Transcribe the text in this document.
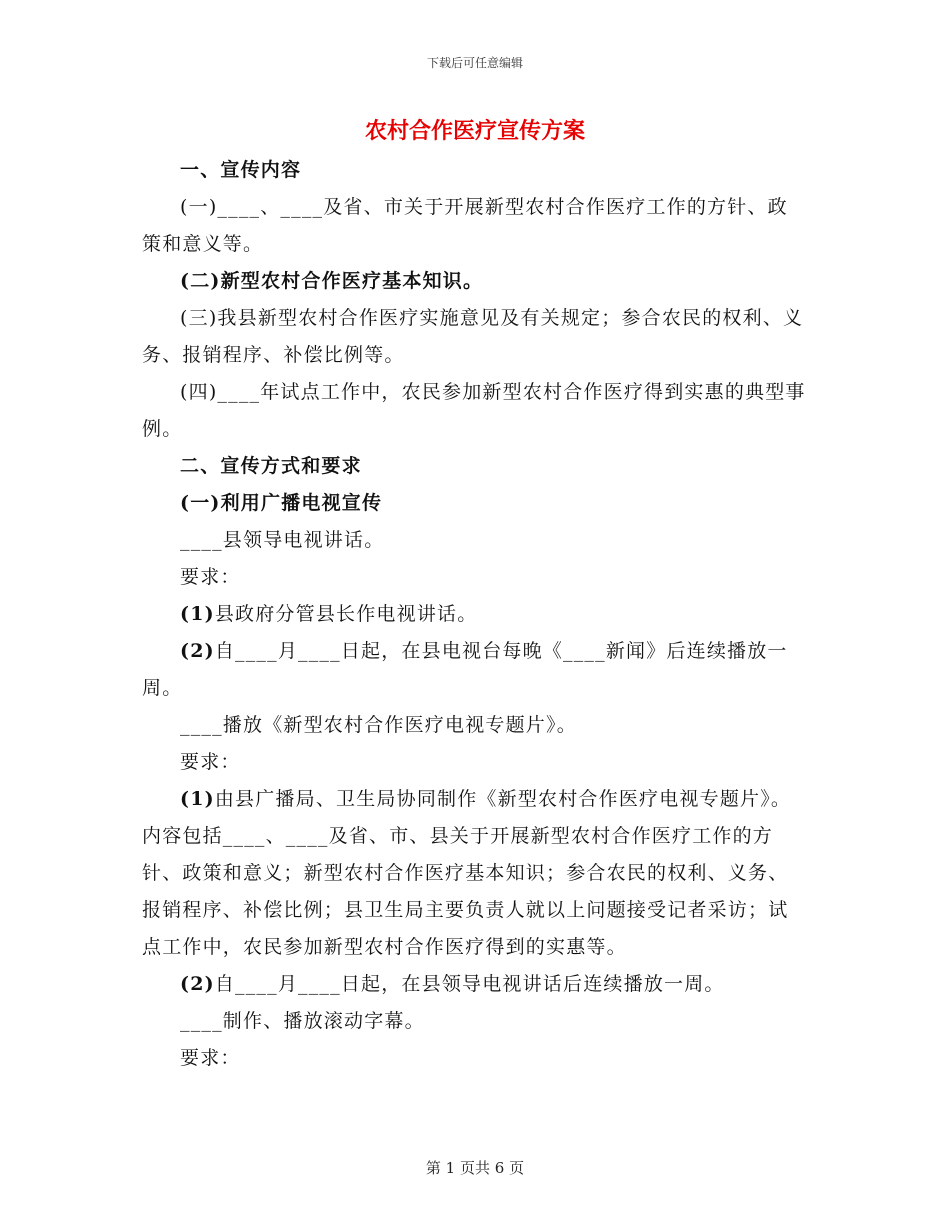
下载后可任意编辑
农村合作医疗宣传方案

一、宣传内容

(一)____、____及省、市关于开展新型农村合作医疗工作的方针、政策和意义等。

(二)新型农村合作医疗基本知识。

(三)我县新型农村合作医疗实施意见及有关规定；参合农民的权利、义务、报销程序、补偿比例等。

(四)____年试点工作中，农民参加新型农村合作医疗得到实惠的典型事例。

二、宣传方式和要求

(一)利用广播电视宣传

____县领导电视讲话。

要求：

(1)县政府分管县长作电视讲话。

(2)自____月____日起，在县电视台每晚《____新闻》后连续播放一周。

____播放《新型农村合作医疗电视专题片》。

要求：

(1)由县广播局、卫生局协同制作《新型农村合作医疗电视专题片》。内容包括____、____及省、市、县关于开展新型农村合作医疗工作的方针、政策和意义；新型农村合作医疗基本知识；参合农民的权利、义务、报销程序、补偿比例；县卫生局主要负责人就以上问题接受记者采访；试点工作中，农民参加新型农村合作医疗得到的实惠等。

(2)自____月____日起，在县领导电视讲话后连续播放一周。

____制作、播放滚动字幕。

要求：

第 1 页共 6 页
